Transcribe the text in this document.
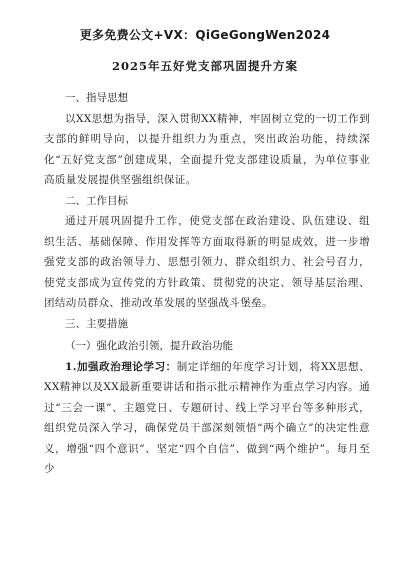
更多免费公文+VX：QiGeGongWen2024
2025年五好党支部巩固提升方案

一、指导思想

以XX思想为指导，深入贯彻XX精神，牢固树立党的一切工作到支部的鲜明导向，以提升组织力为重点，突出政治功能，持续深化“五好党支部”创建成果，全面提升党支部建设质量，为单位事业高质量发展提供坚强组织保证。

二、工作目标

通过开展巩固提升工作，使党支部在政治建设、队伍建设、组织生活、基础保障、作用发挥等方面取得新的明显成效，进一步增强党支部的政治领导力、思想引领力、群众组织力、社会号召力，使党支部成为宣传党的方针政策、贯彻党的决定、领导基层治理、团结动员群众、推动改革发展的坚强战斗堡垒。

三、主要措施

（一）强化政治引领，提升政治功能

1.加强政治理论学习：制定详细的年度学习计划，将XX思想、XX精神以及XX最新重要讲话和指示批示精神作为重点学习内容。通过“三会一课”、主题党日、专题研讨、线上学习平台等多种形式，组织党员深入学习，确保党员干部深刻领悟“两个确立”的决定性意义，增强“四个意识”、坚定“四个自信”、做到“两个维护”。每月至少
